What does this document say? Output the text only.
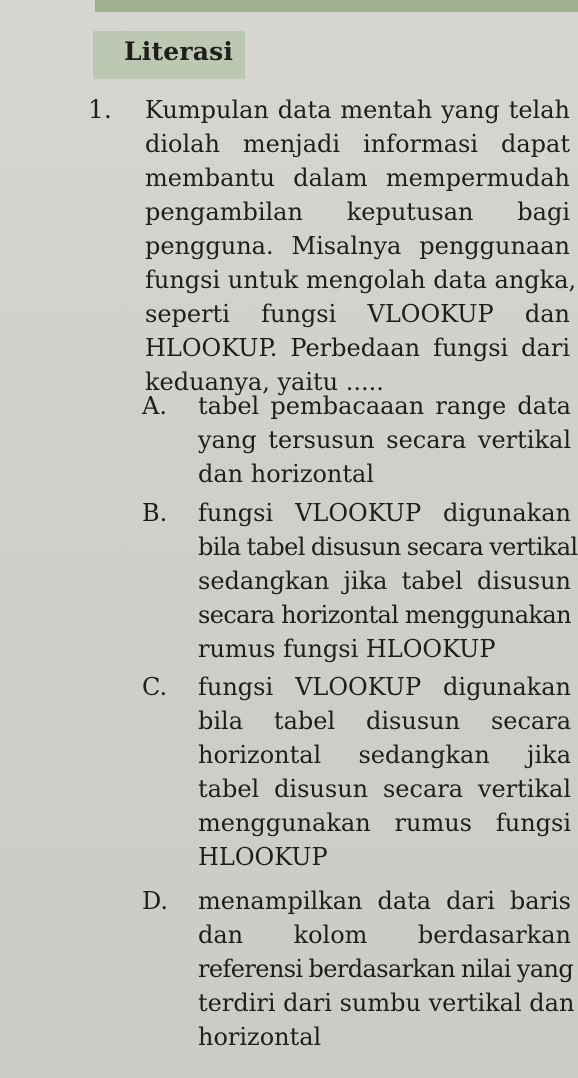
Literasi
1. Kumpulan data mentah yang telah
diolah menjadi informasi dapat
membantu dalam mempermudah
pengambilan keputusan bagi
pengguna. Misalnya penggunaan
fungsi untuk mengolah data angka,
seperti fungsi VLOOKUP dan
HLOOKUP. Perbedaan fungsi dari
keduanya, yaitu .....
A. tabel pembacaaan range data
yang tersusun secara vertikal
dan horizontal
B. fungsi VLOOKUP digunakan
bila tabel disusun secara vertikal
sedangkan jika tabel disusun
secara horizontal menggunakan
rumus fungsi HLOOKUP
C. fungsi VLOOKUP digunakan
bila tabel disusun secara
horizontal sedangkan jika
tabel disusun secara vertikal
menggunakan rumus fungsi
HLOOKUP
D. menampilkan data dari baris
dan kolom berdasarkan
referensi berdasarkan nilai yang
terdiri dari sumbu vertikal dan
horizontal
